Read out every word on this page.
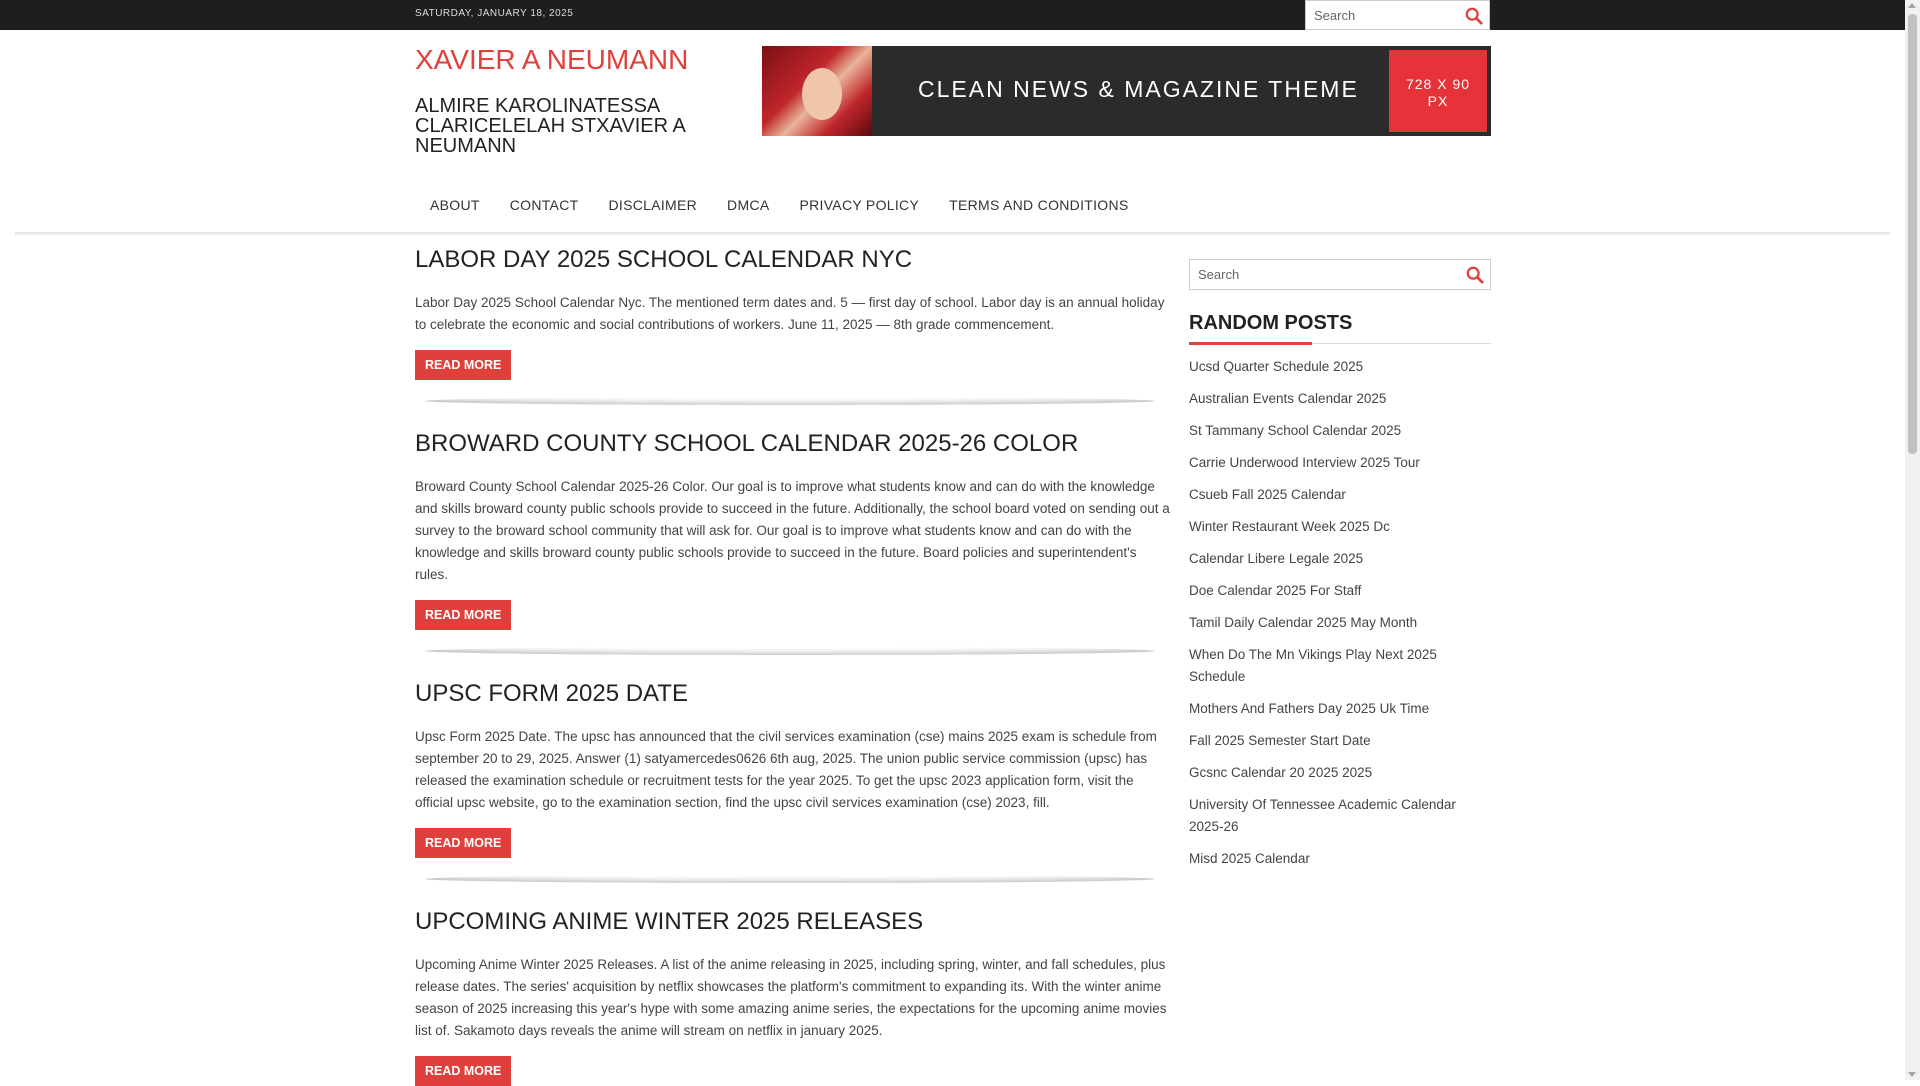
SATURDAY, JANUARY 18, 2025
Search
XAVIER A NEUMANN
ALMIRE KAROLINATESSA CLARICELELAH STXAVIER A NEUMANN
CLEAN NEWS & MAGAZINE THEME	728 X 90
PX
ABOUT	CONTACT	DISCLAIMER	DMCA	PRIVACY POLICY	TERMS AND CONDITIONS
LABOR DAY 2025 SCHOOL CALENDAR NYC

Labor Day 2025 School Calendar Nyc. The mentioned term dates and. 5 — first day of school. Labor day is an annual holiday to celebrate the economic and social contributions of workers. June 11, 2025 — 8th grade commencement.

READ MORE
BROWARD COUNTY SCHOOL CALENDAR 2025-26 COLOR

Broward County School Calendar 2025-26 Color. Our goal is to improve what students know and can do with the knowledge and skills broward county public schools provide to succeed in the future. Additionally, the school board voted on sending out a survey to the broward school community that will ask for. Our goal is to improve what students know and can do with the knowledge and skills broward county public schools provide to succeed in the future. Board policies and superintendent's rules.

READ MORE
UPSC FORM 2025 DATE

Upsc Form 2025 Date. The upsc has announced that the civil services examination (cse) mains 2025 exam is schedule from september 20 to 29, 2025. Answer (1) satyamercedes0626 6th aug, 2025. The union public service commission (upsc) has released the examination schedule or recruitment tests for the year 2025. To get the upsc 2023 application form, visit the official upsc website, go to the examination section, find the upsc civil services examination (cse) 2023, fill.

READ MORE
UPCOMING ANIME WINTER 2025 RELEASES

Upcoming Anime Winter 2025 Releases. A list of the anime releasing in 2025, including spring, winter, and fall schedules, plus release dates. The series' acquisition by netflix showcases the platform's commitment to expanding its. With the winter anime season of 2025 increasing this year's hype with some amazing anime series, the expectations for the upcoming anime movies list of. Sakamoto days reveals the anime will stream on netflix in january 2025.

READ MORE
Search
RANDOM POSTS
Ucsd Quarter Schedule 2025
Australian Events Calendar 2025
St Tammany School Calendar 2025
Carrie Underwood Interview 2025 Tour
Csueb Fall 2025 Calendar
Winter Restaurant Week 2025 Dc
Calendar Libere Legale 2025
Doe Calendar 2025 For Staff
Tamil Daily Calendar 2025 May Month
When Do The Mn Vikings Play Next 2025 Schedule
Mothers And Fathers Day 2025 Uk Time
Fall 2025 Semester Start Date
Gcsnc Calendar 20 2025 2025
University Of Tennessee Academic Calendar 2025-26
Misd 2025 Calendar
